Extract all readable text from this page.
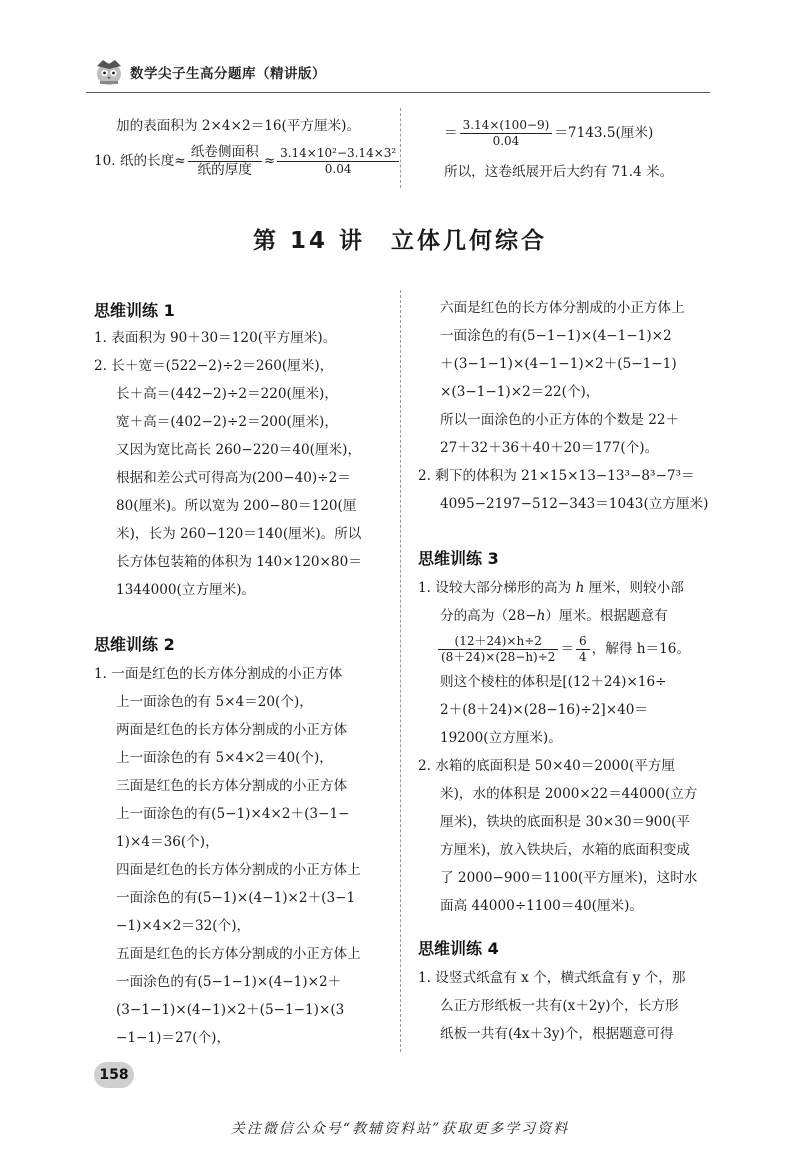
数学尖子生高分题库（精讲版）
加的表面积为 2×4×2＝16(平方厘米)。
10. 纸的长度≈ $\frac{\text{纸卷侧面积}}{\text{纸的厚度}} \approx \frac{\text{3.14×10²−3.14×3²}}{0.04}$
＝ $\frac{3.14\times(100-9)}{0.04} =7143.5$(厘米)
所以，这卷纸展开后大约有 71.4 米。
第 14 讲 立体几何综合
思维训练 1
1. 表面积为 90＋30＝120(平方厘米)。
2. 长＋宽＝(522−2)÷2＝260(厘米)，
长＋高＝(442−2)÷2＝220(厘米)，
宽＋高＝(402−2)÷2＝200(厘米)，
又因为宽比高长 260−220＝40(厘米)，
根据和差公式可得高为(200−40)÷2＝
80(厘米)。所以宽为 200−80＝120(厘
米)，长为 260−120＝140(厘米)。所以
长方体包装箱的体积为 140×120×80＝
1344000(立方厘米)。
思维训练 2
1. 一面是红色的长方体分割成的小正方体
上一面涂色的有 5×4＝20(个)，
两面是红色的长方体分割成的小正方体
上一面涂色的有 5×4×2＝40(个)，
三面是红色的长方体分割成的小正方体
上一面涂色的有(5−1)×4×2＋(3−1−
1)×4＝36(个)，
四面是红色的长方体分割成的小正方体上
一面涂色的有(5−1)×(4−1)×2＋(3−1
−1)×4×2＝32(个)，
五面是红色的长方体分割成的小正方体上
一面涂色的有(5−1−1)×(4−1)×2＋
(3−1−1)×(4−1)×2＋(5−1−1)×(3
−1−1)＝27(个)，
六面是红色的长方体分割成的小正方体上
一面涂色的有(5−1−1)×(4−1−1)×2
＋(3−1−1)×(4−1−1)×2＋(5−1−1)
×(3−1−1)×2＝22(个)，
所以一面涂色的小正方体的个数是 22＋
27＋32＋36＋40＋20＝177(个)。
2. 剩下的体积为 21×15×13−13³−8³−7³＝
4095−2197−512−343＝1043(立方厘米)
思维训练 3
1. 设较大部分梯形的高为 h 厘米，则较小部
分的高为（28−h）厘米。根据题意有
$\frac{(12+24)\times h\div 2}{(8+24)\times(28-h)\div 2} = \frac{6}{4}$ ，解得 h＝16。
则这个棱柱的体积是[(12＋24)×16÷
2＋(8＋24)×(28−16)÷2]×40＝
19200(立方厘米)。
2. 水箱的底面积是 50×40＝2000(平方厘
米)，水的体积是 2000×22＝44000(立方
厘米)，铁块的底面积是 30×30＝900(平
方厘米)，放入铁块后，水箱的底面积变成
了 2000−900＝1100(平方厘米)，这时水
面高 44000÷1100＝40(厘米)。
思维训练 4
1. 设竖式纸盒有 x 个，横式纸盒有 y 个，那
么正方形纸板一共有(x＋2y)个，长方形
纸板一共有(4x＋3y)个，根据题意可得
158
关注微信公众号“教辅资料站”获取更多学习资料
